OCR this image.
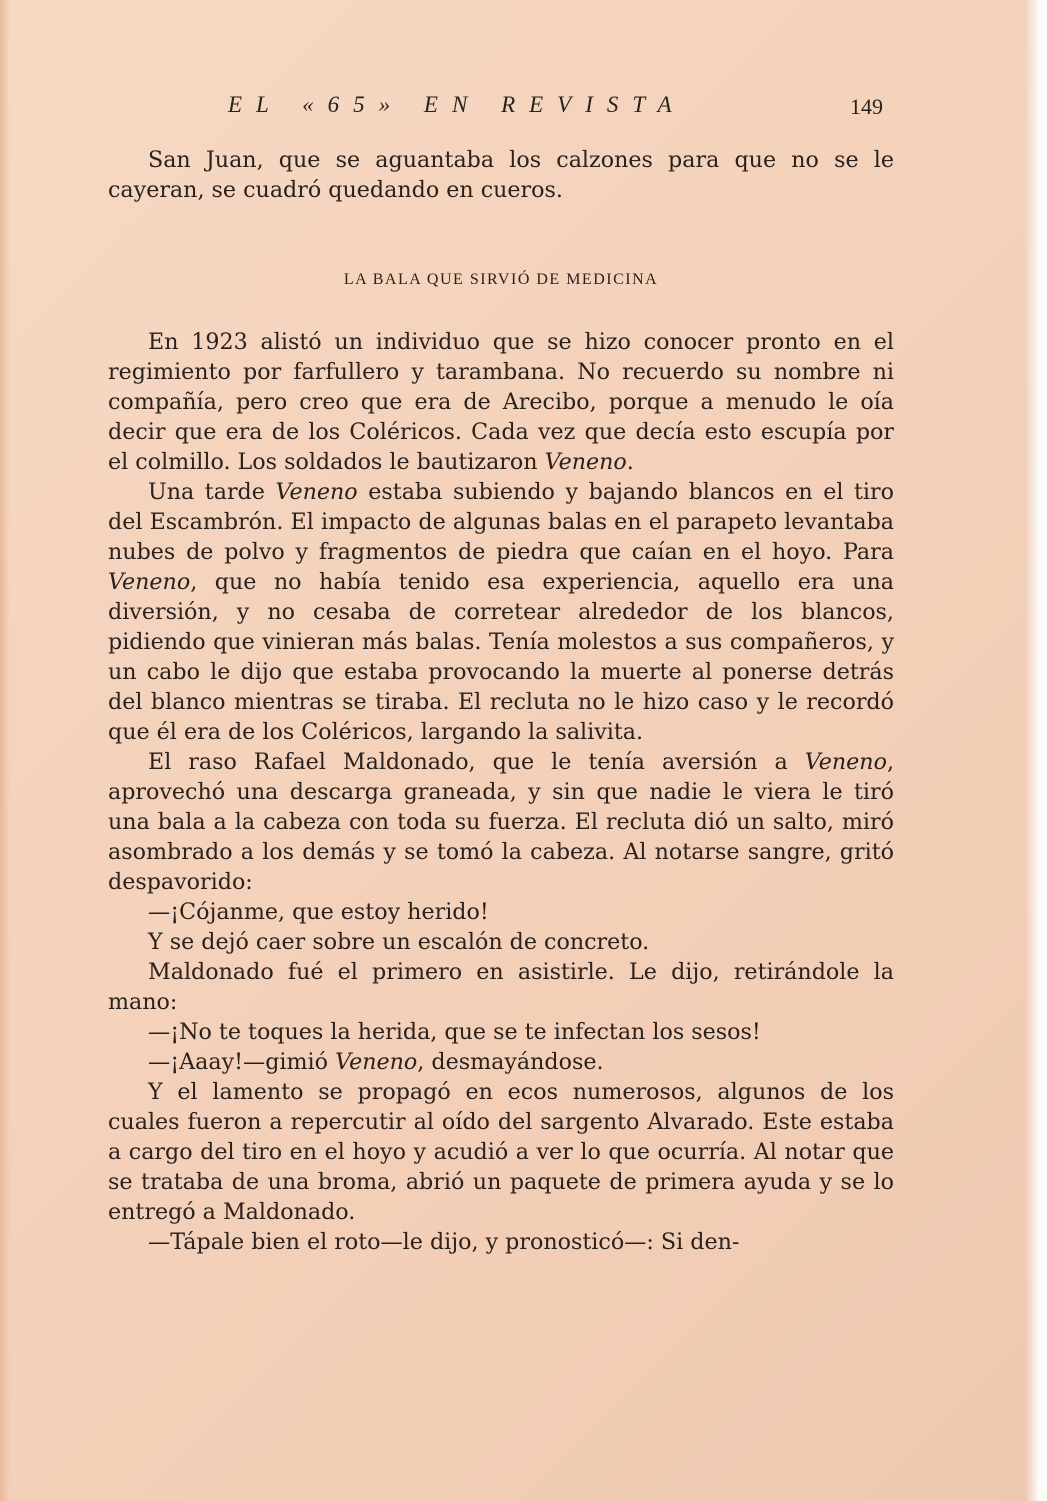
EL «65» EN REVISTA	149

San Juan, que se aguantaba los calzones para que no se le cayeran, se cuadró quedando en cueros.

LA BALA QUE SIRVIÓ DE MEDICINA

En 1923 alistó un individuo que se hizo conocer pronto en el regimiento por farfullero y tarambana. No recuerdo su nombre ni compañía, pero creo que era de Arecibo, porque a menudo le oía decir que era de los Coléricos. Cada vez que decía esto escupía por el colmillo. Los soldados le bautizaron Veneno.

Una tarde Veneno estaba subiendo y bajando blancos en el tiro del Escambrón. El impacto de algunas balas en el parapeto levantaba nubes de polvo y fragmentos de piedra que caían en el hoyo. Para Veneno, que no había tenido esa experiencia, aquello era una diversión, y no cesaba de corretear alrededor de los blancos, pidiendo que vinieran más balas. Tenía molestos a sus compañeros, y un cabo le dijo que estaba provocando la muerte al ponerse detrás del blanco mientras se tiraba. El recluta no le hizo caso y le recordó que él era de los Coléricos, largando la salivita.

El raso Rafael Maldonado, que le tenía aversión a Veneno, aprovechó una descarga graneada, y sin que nadie le viera le tiró una bala a la cabeza con toda su fuerza. El recluta dió un salto, miró asombrado a los demás y se tomó la cabeza. Al notarse sangre, gritó despavorido:

—¡Cójanme, que estoy herido!

Y se dejó caer sobre un escalón de concreto.

Maldonado fué el primero en asistirle. Le dijo, retirándole la mano:

—¡No te toques la herida, que se te infectan los sesos!

—¡Aaay!—gimió Veneno, desmayándose.

Y el lamento se propagó en ecos numerosos, algunos de los cuales fueron a repercutir al oído del sargento Alvarado. Este estaba a cargo del tiro en el hoyo y acudió a ver lo que ocurría. Al notar que se trataba de una broma, abrió un paquete de primera ayuda y se lo entregó a Maldonado.

—Tápale bien el roto—le dijo, y pronosticó—: Si den-
